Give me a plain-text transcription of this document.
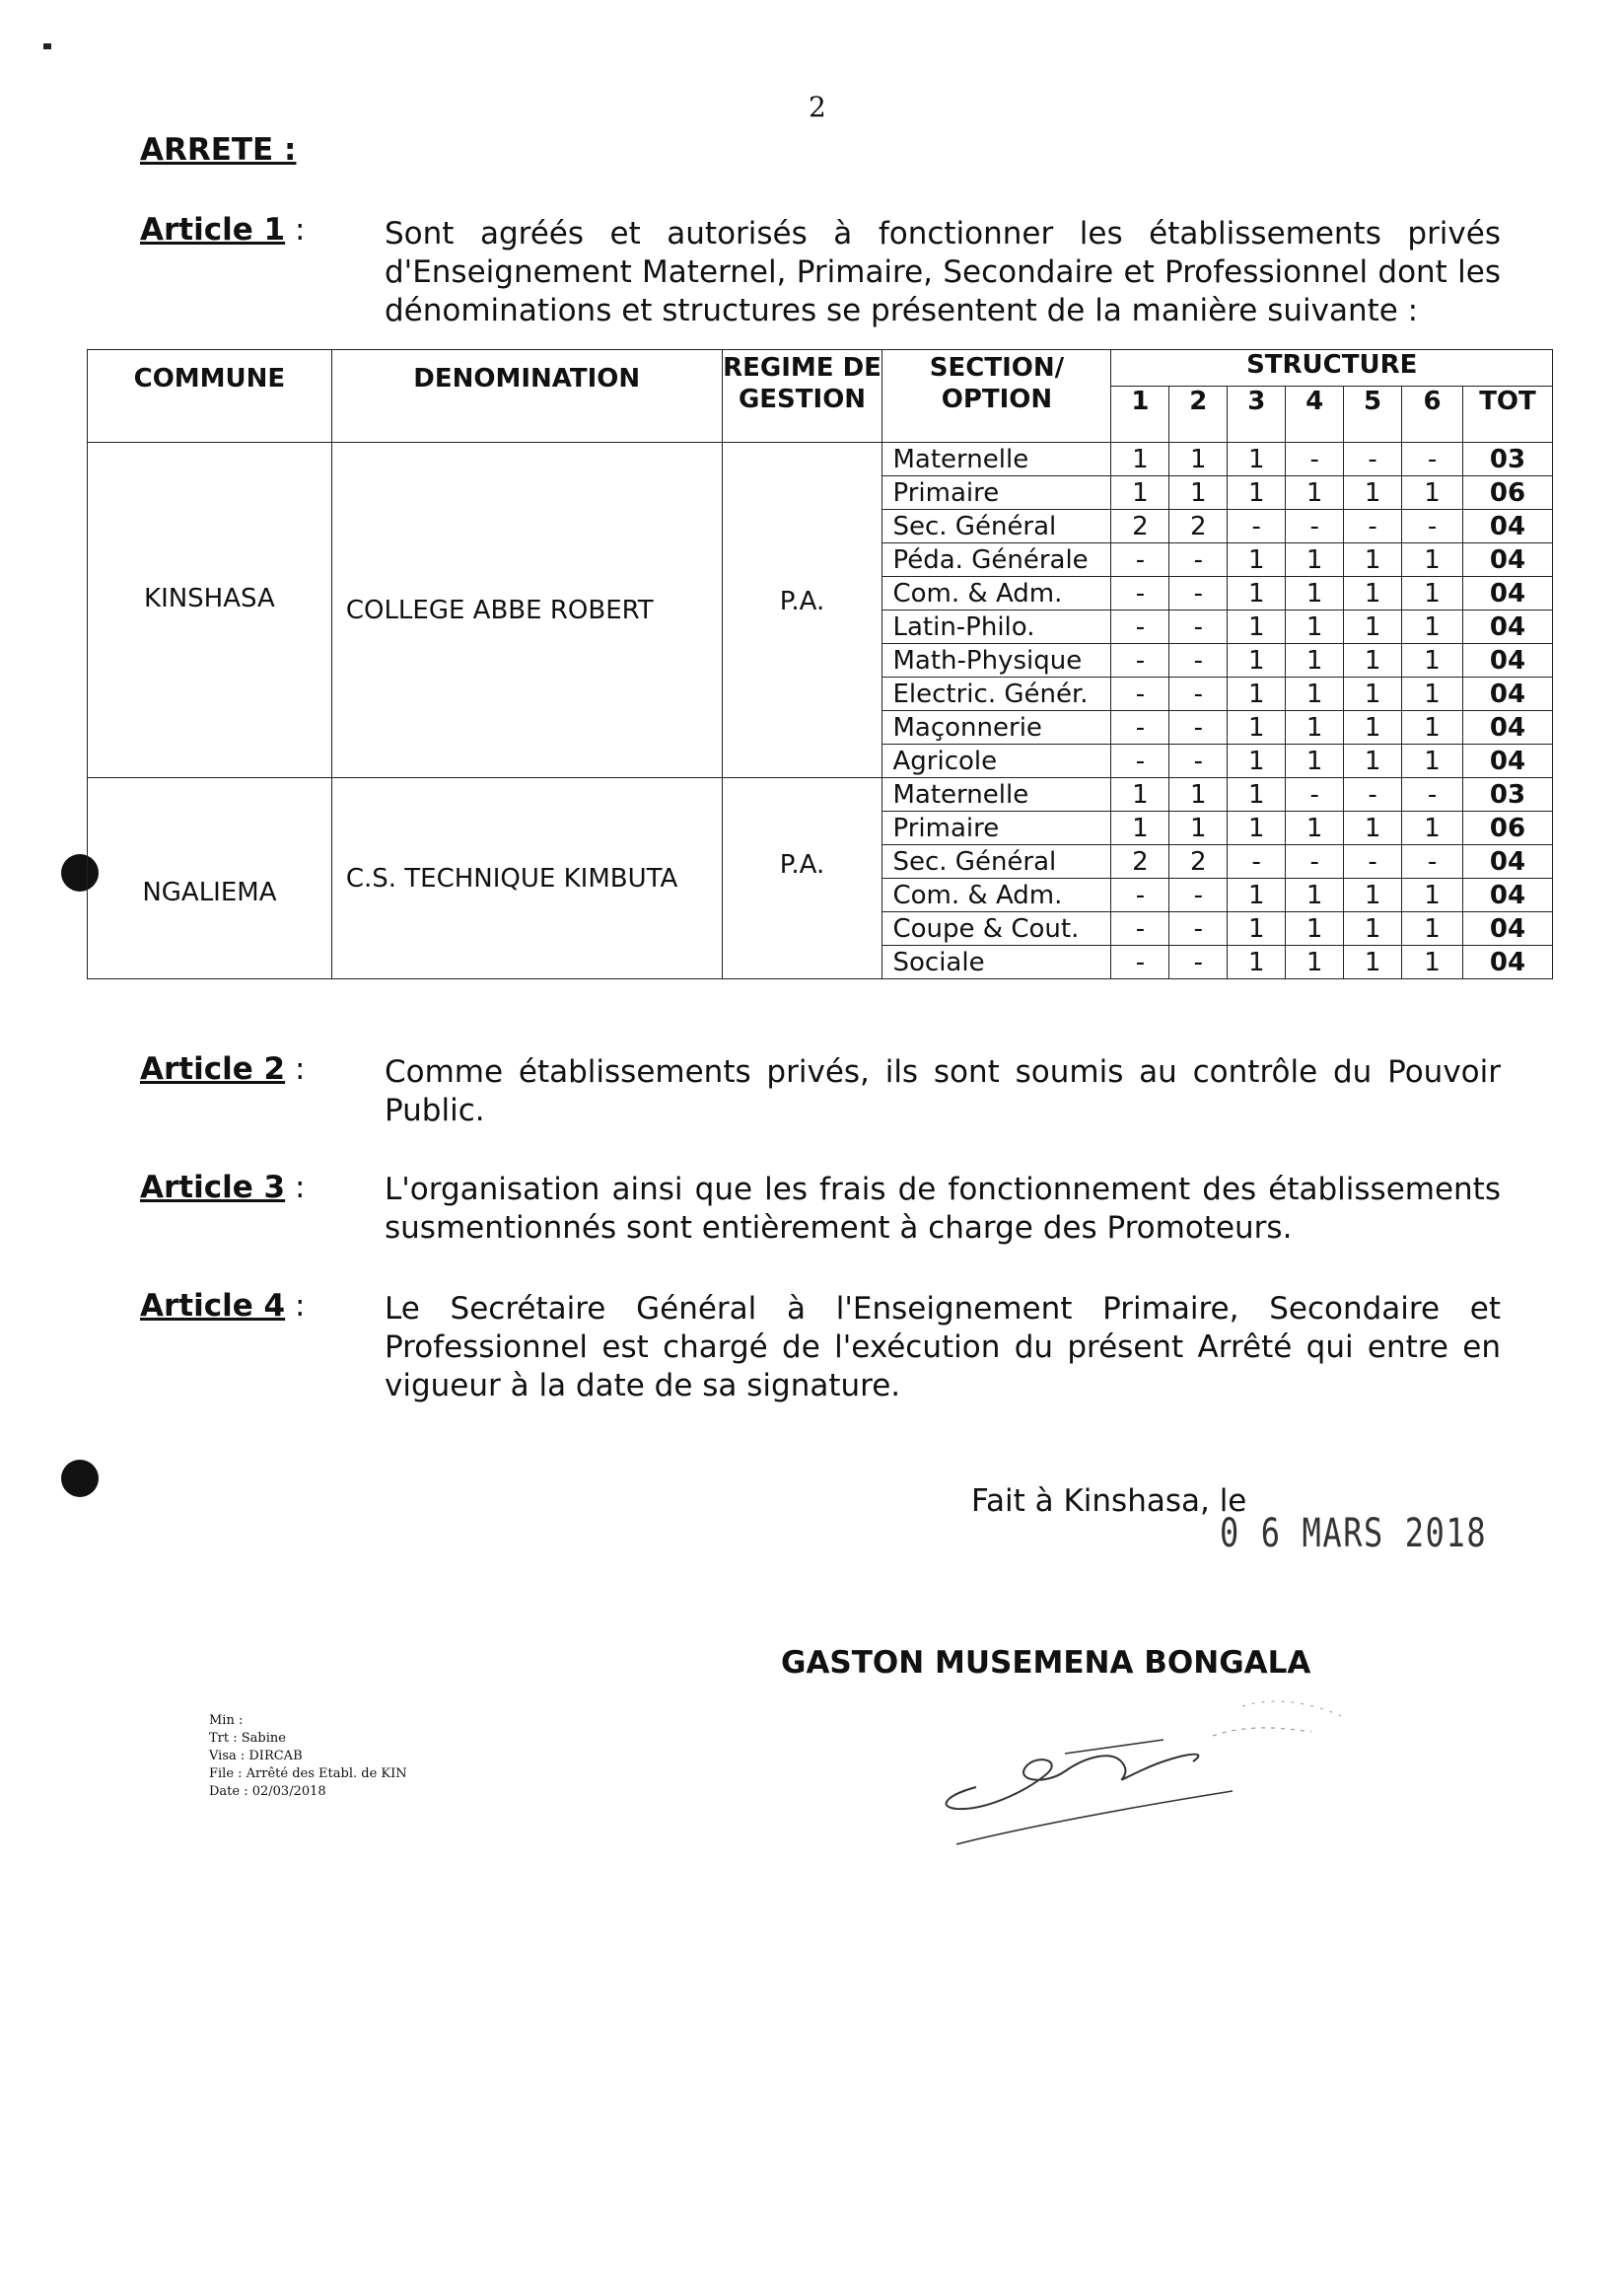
2
ARRETE :
Article 1 :	Sont agréés et autorisés à fonctionner les établissements privés d'Enseignement Maternel, Primaire, Secondaire et Professionnel dont les dénominations et structures se présentent de la manière suivante :
COMMUNE	DENOMINATION	REGIME DE GESTION	SECTION/ OPTION	STRUCTURE						
				1	2	3	4	5	6	TOT
KINSHASA	COLLEGE ABBE ROBERT	P.A.	Maternelle	1	1	1	-	-	-	03
			Primaire	1	1	1	1	1	1	06
			Sec. Général	2	2	-	-	-	-	04
			Péda. Générale	-	-	1	1	1	1	04
			Com. & Adm.	-	-	1	1	1	1	04
			Latin-Philo.	-	-	1	1	1	1	04
			Math-Physique	-	-	1	1	1	1	04
			Electric. Génér.	-	-	1	1	1	1	04
			Maçonnerie	-	-	1	1	1	1	04
			Agricole	-	-	1	1	1	1	04
NGALIEMA	C.S. TECHNIQUE KIMBUTA	P.A.	Maternelle	1	1	1	-	-	-	03
			Primaire	1	1	1	1	1	1	06
			Sec. Général	2	2	-	-	-	-	04
			Com. & Adm.	-	-	1	1	1	1	04
			Coupe & Cout.	-	-	1	1	1	1	04
			Sociale	-	-	1	1	1	1	04
Article 2 :	Comme établissements privés, ils sont soumis au contrôle du Pouvoir Public.
Article 3 :	L'organisation ainsi que les frais de fonctionnement des établissements susmentionnés sont entièrement à charge des Promoteurs.
Article 4 :	Le Secrétaire Général à l'Enseignement Primaire, Secondaire et Professionnel est chargé de l'exécution du présent Arrêté qui entre en vigueur à la date de sa signature.
Fait à Kinshasa, le
0 6 MARS 2018
GASTON MUSEMENA BONGALA
Min :
Trt : Sabine
Visa : DIRCAB
File : Arrêté des Etabl. de KIN
Date : 02/03/2018
